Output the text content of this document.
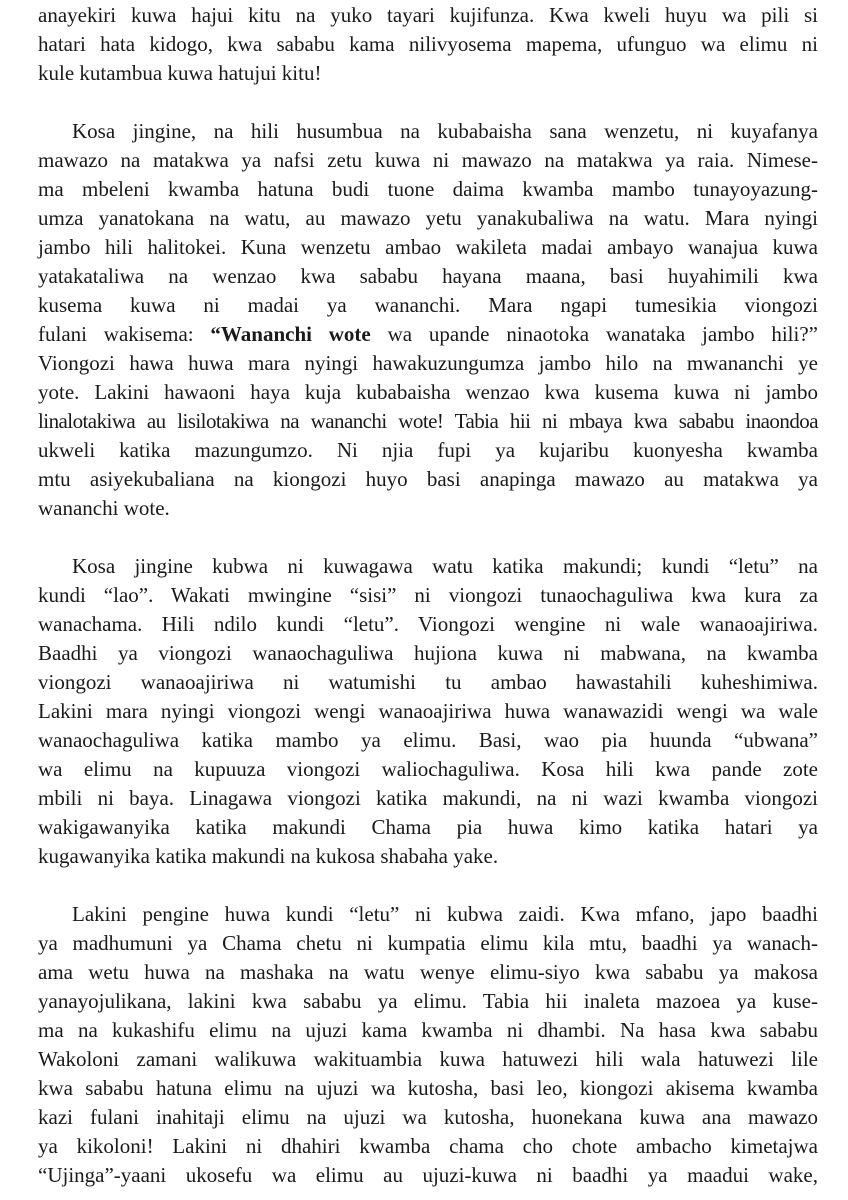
anayekiri kuwa hajui kitu na yuko tayari kujifunza. Kwa kweli huyu wa pili si
hatari hata kidogo, kwa sababu kama nilivyosema mapema, ufunguo wa elimu ni
kule kutambua kuwa hatujui kitu!
Kosa jingine, na hili husumbua na kubabaisha sana wenzetu, ni kuyafanya
mawazo na matakwa ya nafsi zetu kuwa ni mawazo na matakwa ya raia. Nimese-
ma mbeleni kwamba hatuna budi tuone daima kwamba mambo tunayoyazung-
umza yanatokana na watu, au mawazo yetu yanakubaliwa na watu. Mara nyingi
jambo hili halitokei. Kuna wenzetu ambao wakileta madai ambayo wanajua kuwa
yatakataliwa na wenzao kwa sababu hayana maana, basi huyahimili kwa
kusema kuwa ni madai ya wananchi. Mara ngapi tumesikia viongozi
fulani wakisema: “Wananchi wote wa upande ninaotoka wanataka jambo hili?”
Viongozi hawa huwa mara nyingi hawakuzungumza jambo hilo na mwananchi ye
yote. Lakini hawaoni haya kuja kubabaisha wenzao kwa kusema kuwa ni jambo
linalotakiwa au lisilotakiwa na wananchi wote! Tabia hii ni mbaya kwa sababu inaondoa
ukweli katika mazungumzo. Ni njia fupi ya kujaribu kuonyesha kwamba
mtu asiyekubaliana na kiongozi huyo basi anapinga mawazo au matakwa ya
wananchi wote.
Kosa jingine kubwa ni kuwagawa watu katika makundi; kundi “letu” na
kundi “lao”. Wakati mwingine “sisi” ni viongozi tunaochaguliwa kwa kura za
wanachama. Hili ndilo kundi “letu”. Viongozi wengine ni wale wanaoajiriwa.
Baadhi ya viongozi wanaochaguliwa hujiona kuwa ni mabwana, na kwamba
viongozi wanaoajiriwa ni watumishi tu ambao hawastahili kuheshimiwa.
Lakini mara nyingi viongozi wengi wanaoajiriwa huwa wanawazidi wengi wa wale
wanaochaguliwa katika mambo ya elimu. Basi, wao pia huunda “ubwana”
wa elimu na kupuuza viongozi waliochaguliwa. Kosa hili kwa pande zote
mbili ni baya. Linagawa viongozi katika makundi, na ni wazi kwamba viongozi
wakigawanyika katika makundi Chama pia huwa kimo katika hatari ya
kugawanyika katika makundi na kukosa shabaha yake.
Lakini pengine huwa kundi “letu” ni kubwa zaidi. Kwa mfano, japo baadhi
ya madhumuni ya Chama chetu ni kumpatia elimu kila mtu, baadhi ya wanach-
ama wetu huwa na mashaka na watu wenye elimu-siyo kwa sababu ya makosa
yanayojulikana, lakini kwa sababu ya elimu. Tabia hii inaleta mazoea ya kuse-
ma na kukashifu elimu na ujuzi kama kwamba ni dhambi. Na hasa kwa sababu
Wakoloni zamani walikuwa wakituambia kuwa hatuwezi hili wala hatuwezi lile
kwa sababu hatuna elimu na ujuzi wa kutosha, basi leo, kiongozi akisema kwamba
kazi fulani inahitaji elimu na ujuzi wa kutosha, huonekana kuwa ana mawazo
ya kikoloni! Lakini ni dhahiri kwamba chama cho chote ambacho kimetajwa
“Ujinga”-yaani ukosefu wa elimu au ujuzi-kuwa ni baadhi ya maadui wake,
